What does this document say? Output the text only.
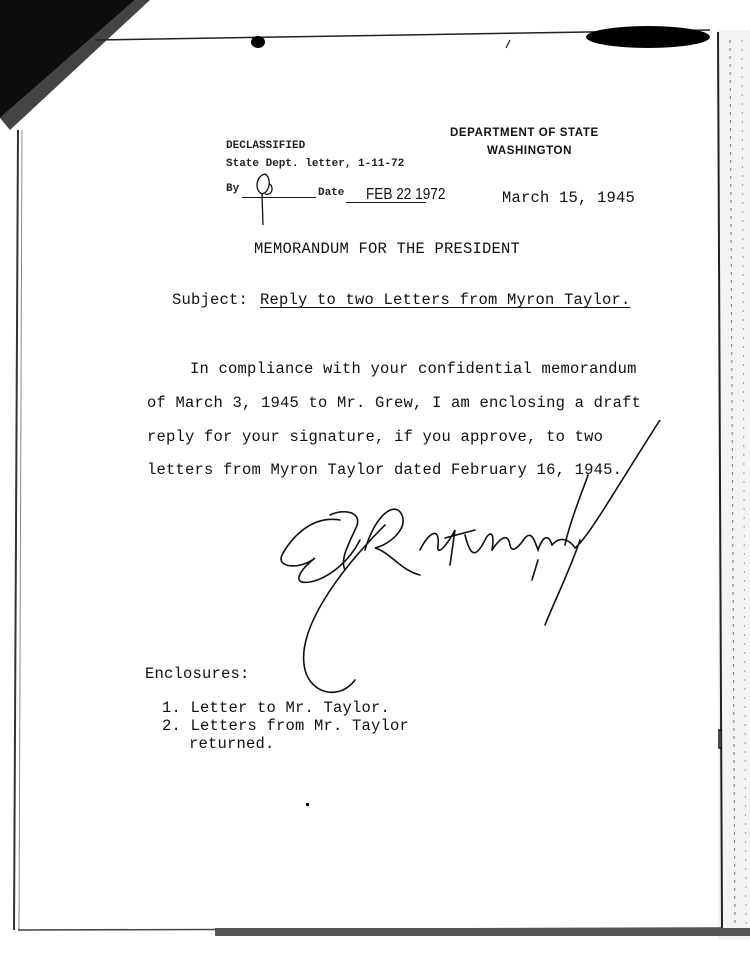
DEPARTMENT OF STATE
WASHINGTON
DECLASSIFIED
State Dept. letter, 1-11-72
By	Date FEB 22 1972	March 15, 1945
MEMORANDUM FOR THE PRESIDENT
Subject: Reply to two Letters from Myron Taylor.
In compliance with your confidential memorandum
of March 3, 1945 to Mr. Grew, I am enclosing a draft
reply for your signature, if you approve, to two
letters from Myron Taylor dated February 16, 1945.
Enclosures:
1. Letter to Mr. Taylor.
2. Letters from Mr. Taylor
returned.
